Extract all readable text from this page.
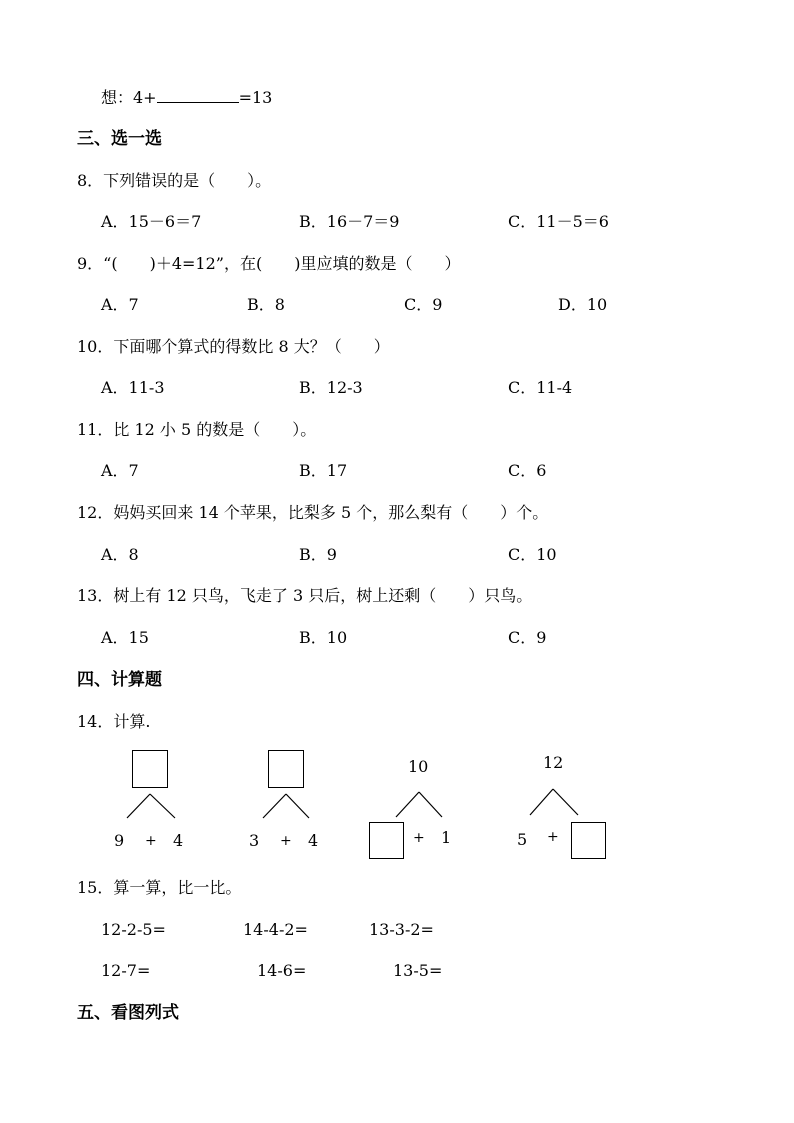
想：4+	=13
三、选一选
8．下列错误的是（　　）。
A．15－6＝7	B．16－7＝9	C．11－5＝6
9．“(　　)＋4=12”，在(　　)里应填的数是（　　）
A．7	B．8	C．9	D．10
10．下面哪个算式的得数比 8 大？（　　）
A．11-3	B．12-3	C．11-4
11．比 12 小 5 的数是（　　）。
A．7	B．17	C．6
12．妈妈买回来 14 个苹果，比梨多 5 个，那么梨有（　　）个。
A．8	B．9	C．10
13．树上有 12 只鸟，飞走了 3 只后，树上还剩（　　）只鸟。
A．15	B．10	C．9
四、计算题
14．计算.
9 + 4	3 + 4
10
+ 1
12
5 +
15．算一算，比一比。
12-2-5=	14-4-2=	13-3-2=
12-7=	14-6=	13-5=
五、看图列式
